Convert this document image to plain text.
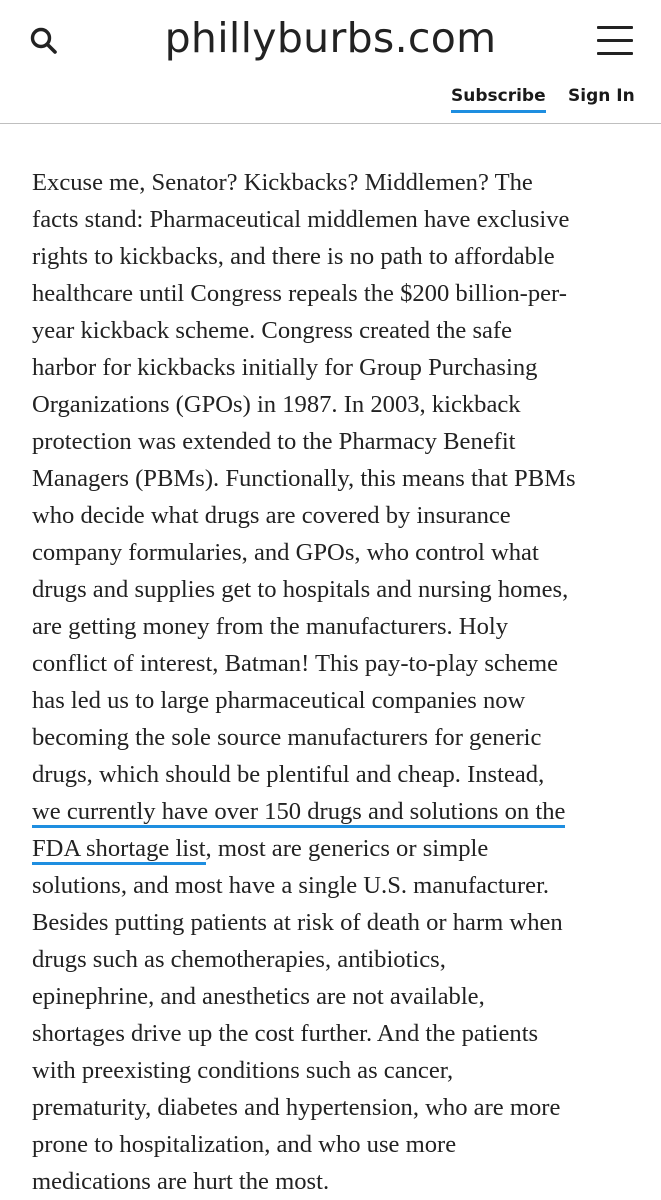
phillyburbs.com
Subscribe Sign In
Excuse me, Senator? Kickbacks? Middlemen? The
facts stand: Pharmaceutical middlemen have exclusive
rights to kickbacks, and there is no path to affordable
healthcare until Congress repeals the $200 billion-per-
year kickback scheme. Congress created the safe
harbor for kickbacks initially for Group Purchasing
Organizations (GPOs) in 1987. In 2003, kickback
protection was extended to the Pharmacy Benefit
Managers (PBMs). Functionally, this means that PBMs
who decide what drugs are covered by insurance
company formularies, and GPOs, who control what
drugs and supplies get to hospitals and nursing homes,
are getting money from the manufacturers. Holy
conflict of interest, Batman! This pay-to-play scheme
has led us to large pharmaceutical companies now
becoming the sole source manufacturers for generic
drugs, which should be plentiful and cheap. Instead,
we currently have over 150 drugs and solutions on the
FDA shortage list, most are generics or simple
solutions, and most have a single U.S. manufacturer.
Besides putting patients at risk of death or harm when
drugs such as chemotherapies, antibiotics,
epinephrine, and anesthetics are not available,
shortages drive up the cost further. And the patients
with preexisting conditions such as cancer,
prematurity, diabetes and hypertension, who are more
prone to hospitalization, and who use more
medications are hurt the most.
